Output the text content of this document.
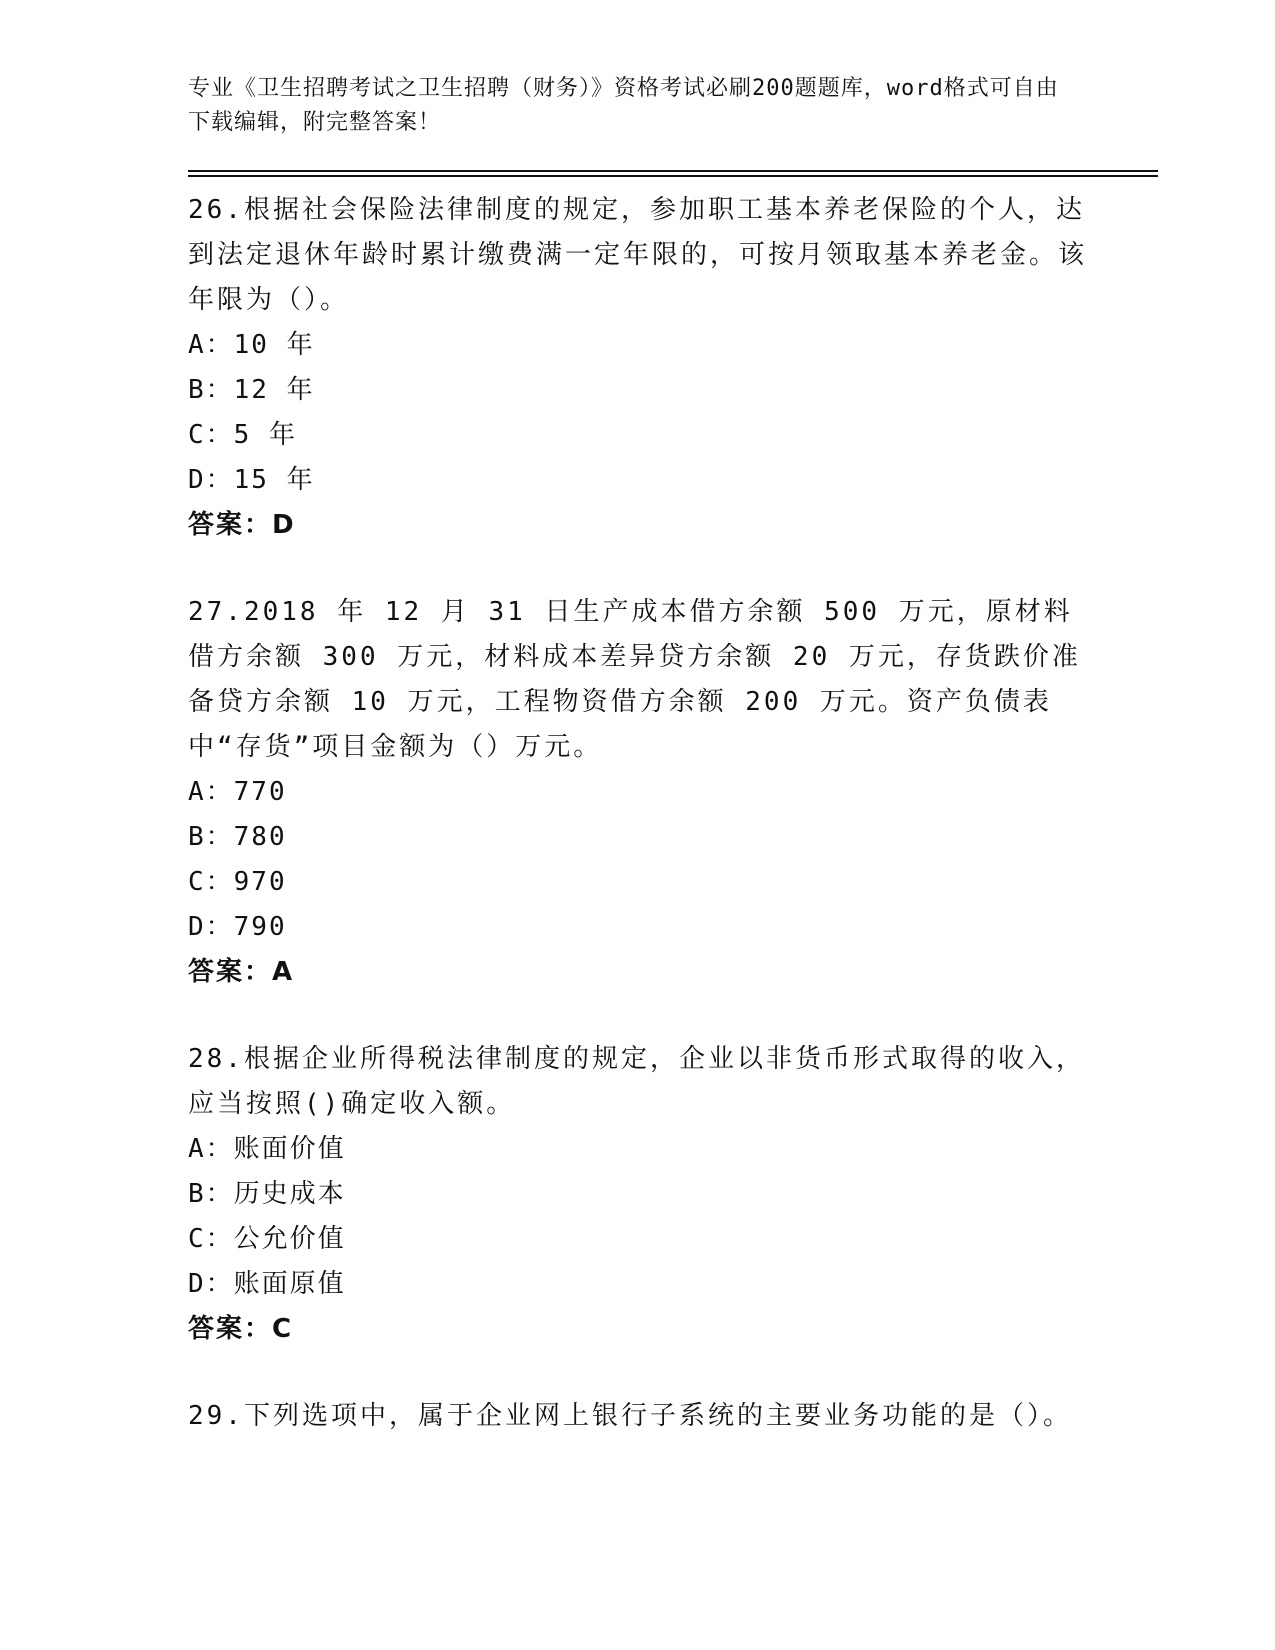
专业《卫生招聘考试之卫生招聘（财务）》资格考试必刷200题题库，word格式可自由下载编辑，附完整答案！

26.根据社会保险法律制度的规定，参加职工基本养老保险的个人，达到法定退休年龄时累计缴费满一定年限的，可按月领取基本养老金。该年限为（）。

A：10 年

B：12 年

C：5 年

D：15 年

答案：D

27.2018 年 12 月 31 日生产成本借方余额 500 万元，原材料借方余额 300 万元，材料成本差异贷方余额 20 万元，存货跌价准备贷方余额 10 万元，工程物资借方余额 200 万元。资产负债表中“存货”项目金额为（）万元。

A：770

B：780

C：970

D：790

答案：A

28.根据企业所得税法律制度的规定，企业以非货币形式取得的收入，应当按照()确定收入额。

A：账面价值

B：历史成本

C：公允价值

D：账面原值

答案：C

29.下列选项中，属于企业网上银行子系统的主要业务功能的是（）。
